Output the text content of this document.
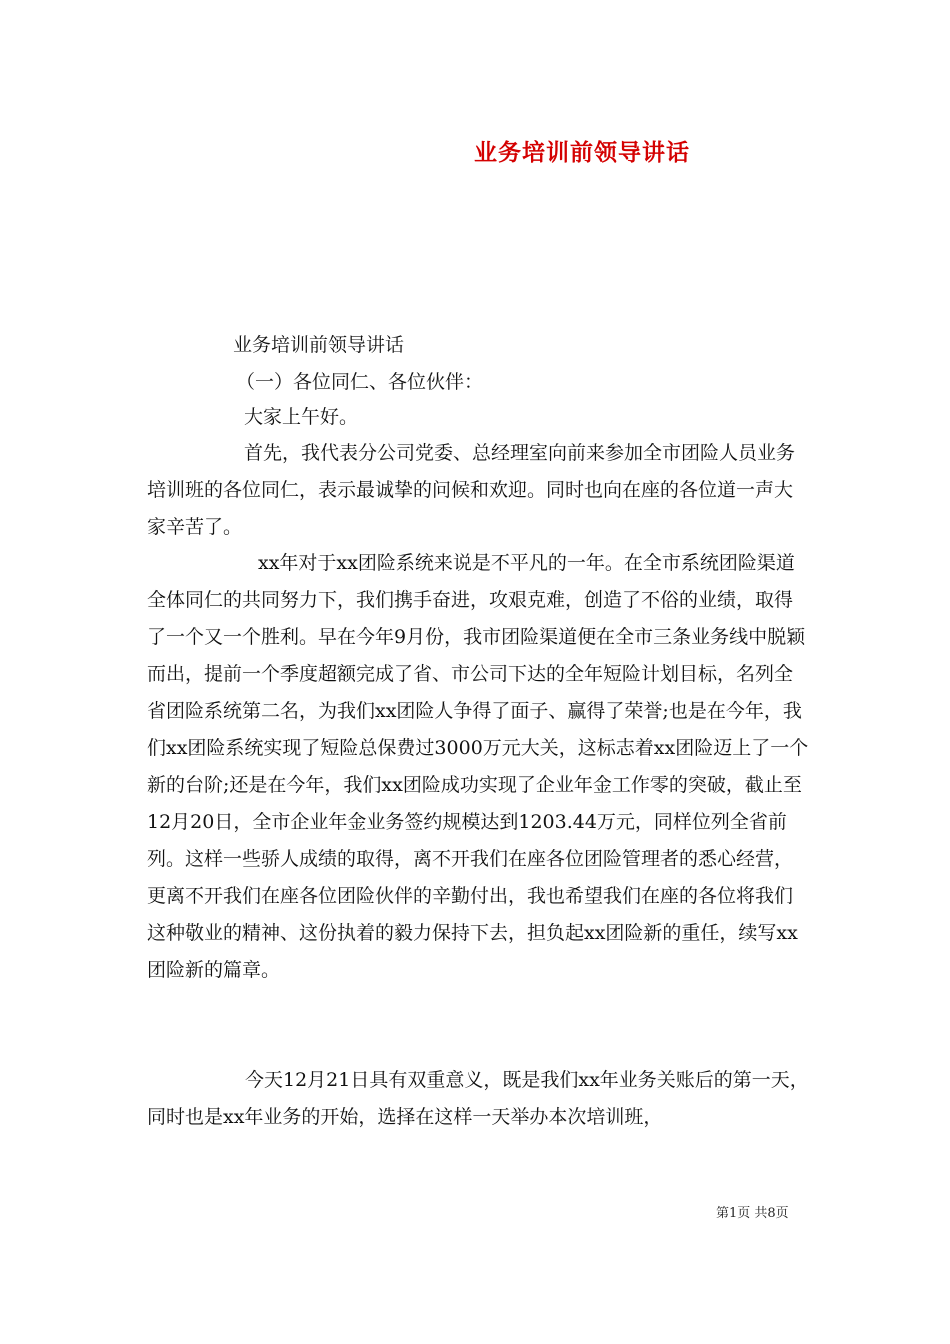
业务培训前领导讲话
业务培训前领导讲话
（一）各位同仁、各位伙伴：
大家上午好。

首先，我代表分公司党委、总经理室向前来参加全市团险人员业务培训班的各位同仁，表示最诚挚的问候和欢迎。同时也向在座的各位道一声大家辛苦了。

xx年对于xx团险系统来说是不平凡的一年。在全市系统团险渠道全体同仁的共同努力下，我们携手奋进，攻艰克难，创造了不俗的业绩，取得了一个又一个胜利。早在今年9月份，我市团险渠道便在全市三条业务线中脱颖而出，提前一个季度超额完成了省、市公司下达的全年短险计划目标，名列全省团险系统第二名，为我们xx团险人争得了面子、赢得了荣誉;也是在今年，我们xx团险系统实现了短险总保费过3000万元大关，这标志着xx团险迈上了一个新的台阶;还是在今年，我们xx团险成功实现了企业年金工作零的突破，截止至12月20日，全市企业年金业务签约规模达到1203.44万元，同样位列全省前列。这样一些骄人成绩的取得，离不开我们在座各位团险管理者的悉心经营，更离不开我们在座各位团险伙伴的辛勤付出，我也希望我们在座的各位将我们这种敬业的精神、这份执着的毅力保持下去，担负起xx团险新的重任，续写xx团险新的篇章。

今天12月21日具有双重意义，既是我们xx年业务关账后的第一天，同时也是xx年业务的开始，选择在这样一天举办本次培训班，

第1页 共8页
